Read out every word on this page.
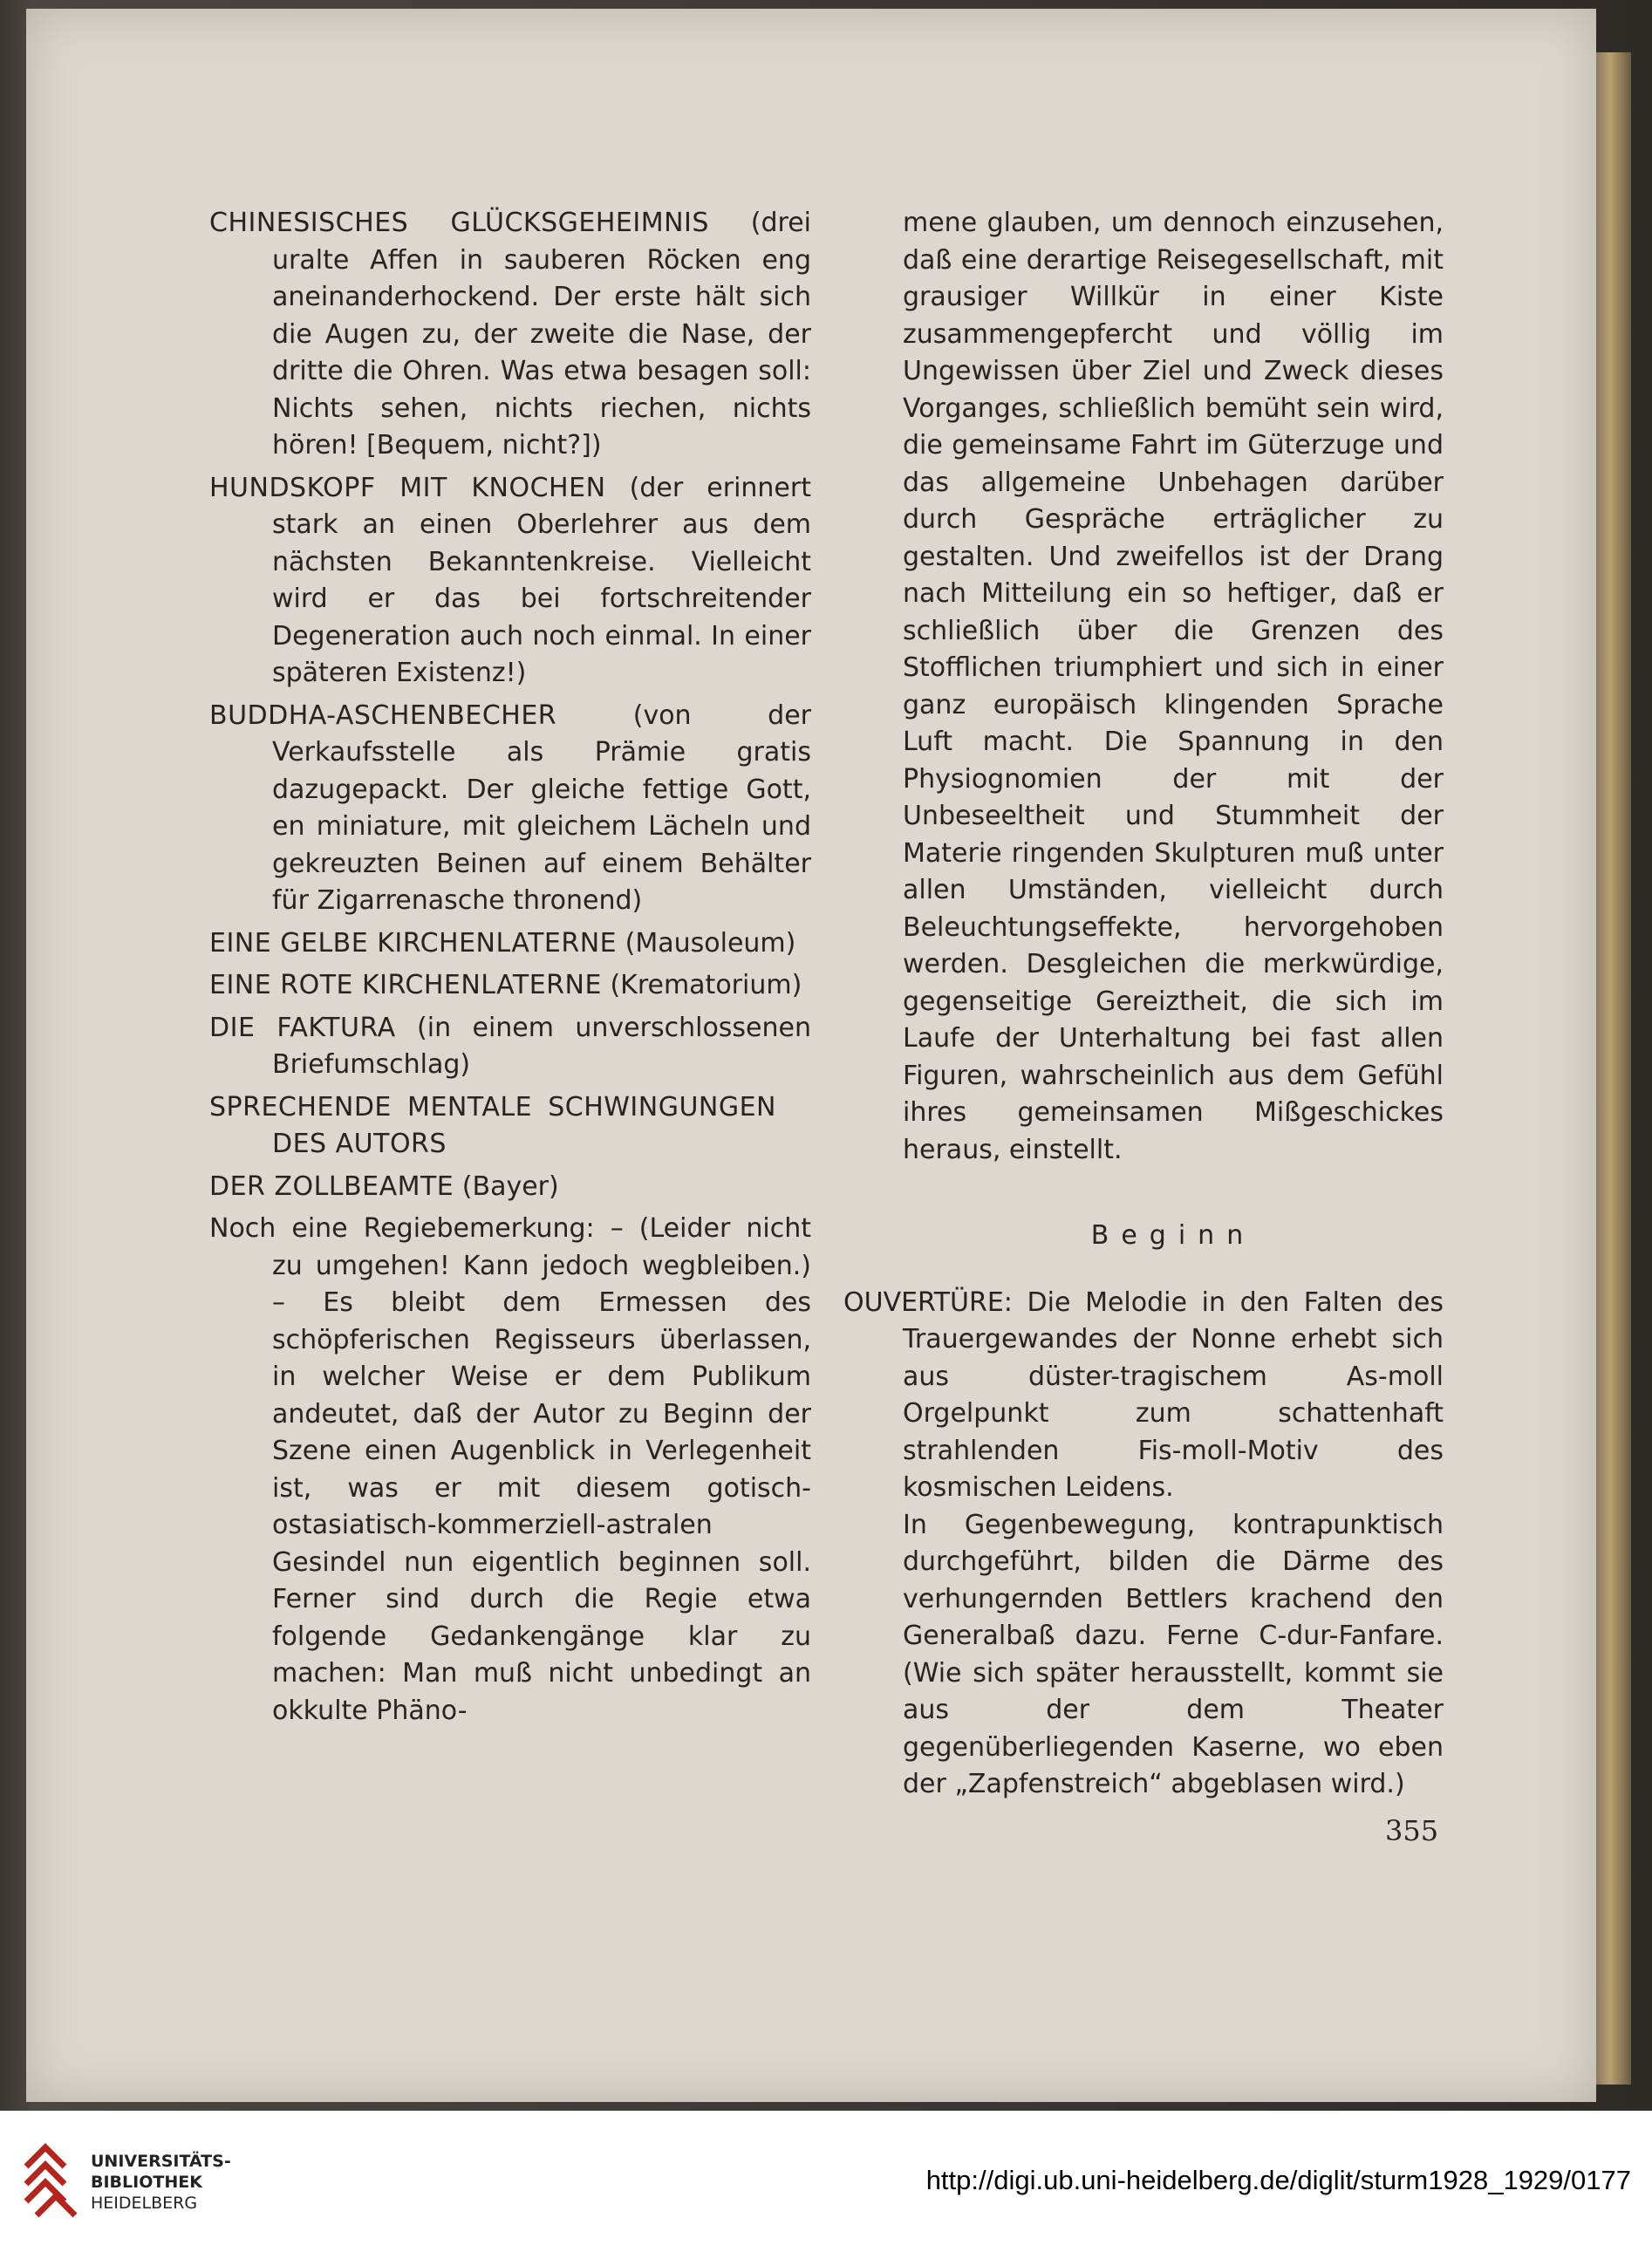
CHINESISCHES GLÜCKSGEHEIMNIS (drei uralte Affen in sauberen Röcken eng aneinanderhockend. Der erste hält sich die Augen zu, der zweite die Nase, der dritte die Ohren. Was etwa besagen soll: Nichts sehen, nichts riechen, nichts hören! [Bequem, nicht?])

HUNDSKOPF MIT KNOCHEN (der erinnert stark an einen Oberlehrer aus dem nächsten Bekanntenkreise. Vielleicht wird er das bei fortschreitender Degeneration auch noch einmal. In einer späteren Existenz!)

BUDDHA-ASCHENBECHER (von der Verkaufsstelle als Prämie gratis dazugepackt. Der gleiche fettige Gott, en miniature, mit gleichem Lächeln und gekreuzten Beinen auf einem Behälter für Zigarrenasche thronend)

EINE GELBE KIRCHENLATERNE (Mausoleum)

EINE ROTE KIRCHENLATERNE (Krematorium)

DIE FAKTURA (in einem unverschlossenen Briefumschlag)

SPRECHENDE MENTALE SCHWINGUNGEN DES AUTORS

DER ZOLLBEAMTE (Bayer)

Noch eine Regiebemerkung: – (Leider nicht zu umgehen! Kann jedoch wegbleiben.) – Es bleibt dem Ermessen des schöpferischen Regisseurs überlassen, in welcher Weise er dem Publikum andeutet, daß der Autor zu Beginn der Szene einen Augenblick in Verlegenheit ist, was er mit diesem gotisch-ostasiatisch-kommerziell-astralen Gesindel nun eigentlich beginnen soll. Ferner sind durch die Regie etwa folgende Gedankengänge klar zu machen: Man muß nicht unbedingt an okkulte Phäno-

mene glauben, um dennoch einzusehen, daß eine derartige Reisegesellschaft, mit grausiger Willkür in einer Kiste zusammengepfercht und völlig im Ungewissen über Ziel und Zweck dieses Vorganges, schließlich bemüht sein wird, die gemeinsame Fahrt im Güterzuge und das allgemeine Unbehagen darüber durch Gespräche erträglicher zu gestalten. Und zweifellos ist der Drang nach Mitteilung ein so heftiger, daß er schließlich über die Grenzen des Stofflichen triumphiert und sich in einer ganz europäisch klingenden Sprache Luft macht. Die Spannung in den Physiognomien der mit der Unbeseeltheit und Stummheit der Materie ringenden Skulpturen muß unter allen Umständen, vielleicht durch Beleuchtungseffekte, hervorgehoben werden. Desgleichen die merkwürdige, gegenseitige Gereiztheit, die sich im Laufe der Unterhaltung bei fast allen Figuren, wahrscheinlich aus dem Gefühl ihres gemeinsamen Mißgeschickes heraus, einstellt.

Beginn

OUVERTÜRE: Die Melodie in den Falten des Trauergewandes der Nonne erhebt sich aus düster-tragischem As-moll Orgelpunkt zum schattenhaft strahlenden Fis-moll-Motiv des kosmischen Leidens.

In Gegenbewegung, kontrapunktisch durchgeführt, bilden die Därme des verhungernden Bettlers krachend den Generalbaß dazu. Ferne C-dur-Fanfare. (Wie sich später herausstellt, kommt sie aus der dem Theater gegenüberliegenden Kaserne, wo eben der „Zapfenstreich“ abgeblasen wird.)

355
UNIVERSITÄTS-
BIBLIOTHEK
HEIDELBERG
http://digi.ub.uni-heidelberg.de/diglit/sturm1928_1929/0177
